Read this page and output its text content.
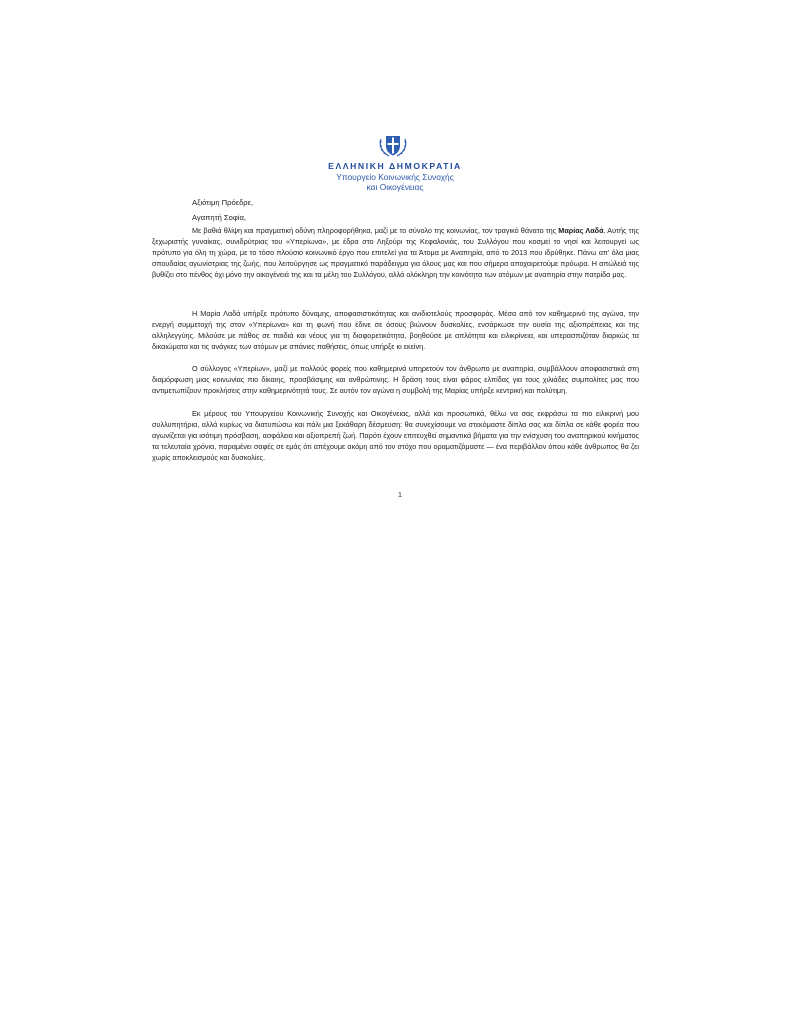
ΕΛΛΗΝΙΚΗ ΔΗΜΟΚΡΑΤΙΑ
Υπουργείο Κοινωνικής Συνοχής
και Οικογένειας
Αξιότιμη Πρόεδρε,
Αγαπητή Σοφία,

Με βαθιά θλίψη και πραγματική οδύνη πληροφορήθηκα, μαζί με το σύνολο της κοινωνίας, τον τραγικό θάνατο της Μαρίας Λαδά. Αυτής της ξεχωριστής γυναίκας, συνιδρύτριας του «Υπερίωνα», με έδρα στο Ληξούρι της Κεφαλονιάς, του Συλλόγου που κοσμεί το νησί και λειτουργεί ως πρότυπο για όλη τη χώρα, με το τόσο πλούσιο κοινωνικό έργο που επιτελεί για τα Άτομα με Αναπηρία, από το 2013 που ιδρύθηκε. Πάνω απ' όλα μιας σπουδαίας αγωνίστριας της ζωής, που λειτούργησε ως πραγματικό παράδειγμα για όλους μας και που σήμερα αποχαιρετούμε πρόωρα. Η απώλειά της βυθίζει στο πένθος όχι μόνο την οικογένειά της και τα μέλη του Συλλόγου, αλλά ολόκληρη την κοινότητα των ατόμων με αναπηρία στην πατρίδα μας.

Η Μαρία Λαδά υπήρξε πρότυπο δύναμης, αποφασιστικότητας και ανιδιοτελούς προσφοράς. Μέσα από τον καθημερινό της αγώνα, την ενεργή συμμετοχή της στον «Υπερίωνα» και τη φωνή που έδινε σε όσους βιώνουν δυσκολίες, ενσάρκωσε την ουσία της αξιοπρέπειας και της αλληλεγγύης. Μιλούσε με πάθος σε παιδιά και νέους για τη διαφορετικότητα, βοηθούσε με απλότητα και ειλικρίνεια, και υπερασπιζόταν διαρκώς τα δικαιώματα και τις ανάγκες των ατόμων με σπάνιες παθήσεις, όπως υπήρξε κι εκείνη.

Ο σύλλογος «Υπερίων», μαζί με πολλούς φορείς που καθημερινά υπηρετούν τον άνθρωπο με αναπηρία, συμβάλλουν αποφασιστικά στη διαμόρφωση μιας κοινωνίας πιο δίκαιης, προσβάσιμης και ανθρώπινης. Η δράση τους είναι φάρος ελπίδας για τους χιλιάδες συμπολίτες μας που αντιμετωπίζουν προκλήσεις στην καθημερινότητά τους. Σε αυτόν τον αγώνα η συμβολή της Μαρίας υπήρξε κεντρική και πολύτιμη.

Εκ μέρους του Υπουργείου Κοινωνικής Συνοχής και Οικογένειας, αλλά και προσωπικά, θέλω να σας εκφράσω τα πιο ειλικρινή μου συλλυπητήρια, αλλά κυρίως να διατυπώσω και πάλι μια ξεκάθαρη δέσμευση: θα συνεχίσουμε να στεκόμαστε δίπλα σας και δίπλα σε κάθε φορέα που αγωνίζεται για ισότιμη πρόσβαση, ασφάλεια και αξιοπρεπή ζωή. Παρότι έχουν επιτευχθεί σημαντικά βήματα για την ενίσχυση του αναπηρικού κινήματος τα τελευταία χρόνια, παραμένει σαφές σε εμάς ότι απέχουμε ακόμη από τον στόχο που οραματιζόμαστε — ένα περιβάλλον όπου κάθε άνθρωπος θα ζει χωρίς αποκλεισμούς και δυσκολίες.

1
